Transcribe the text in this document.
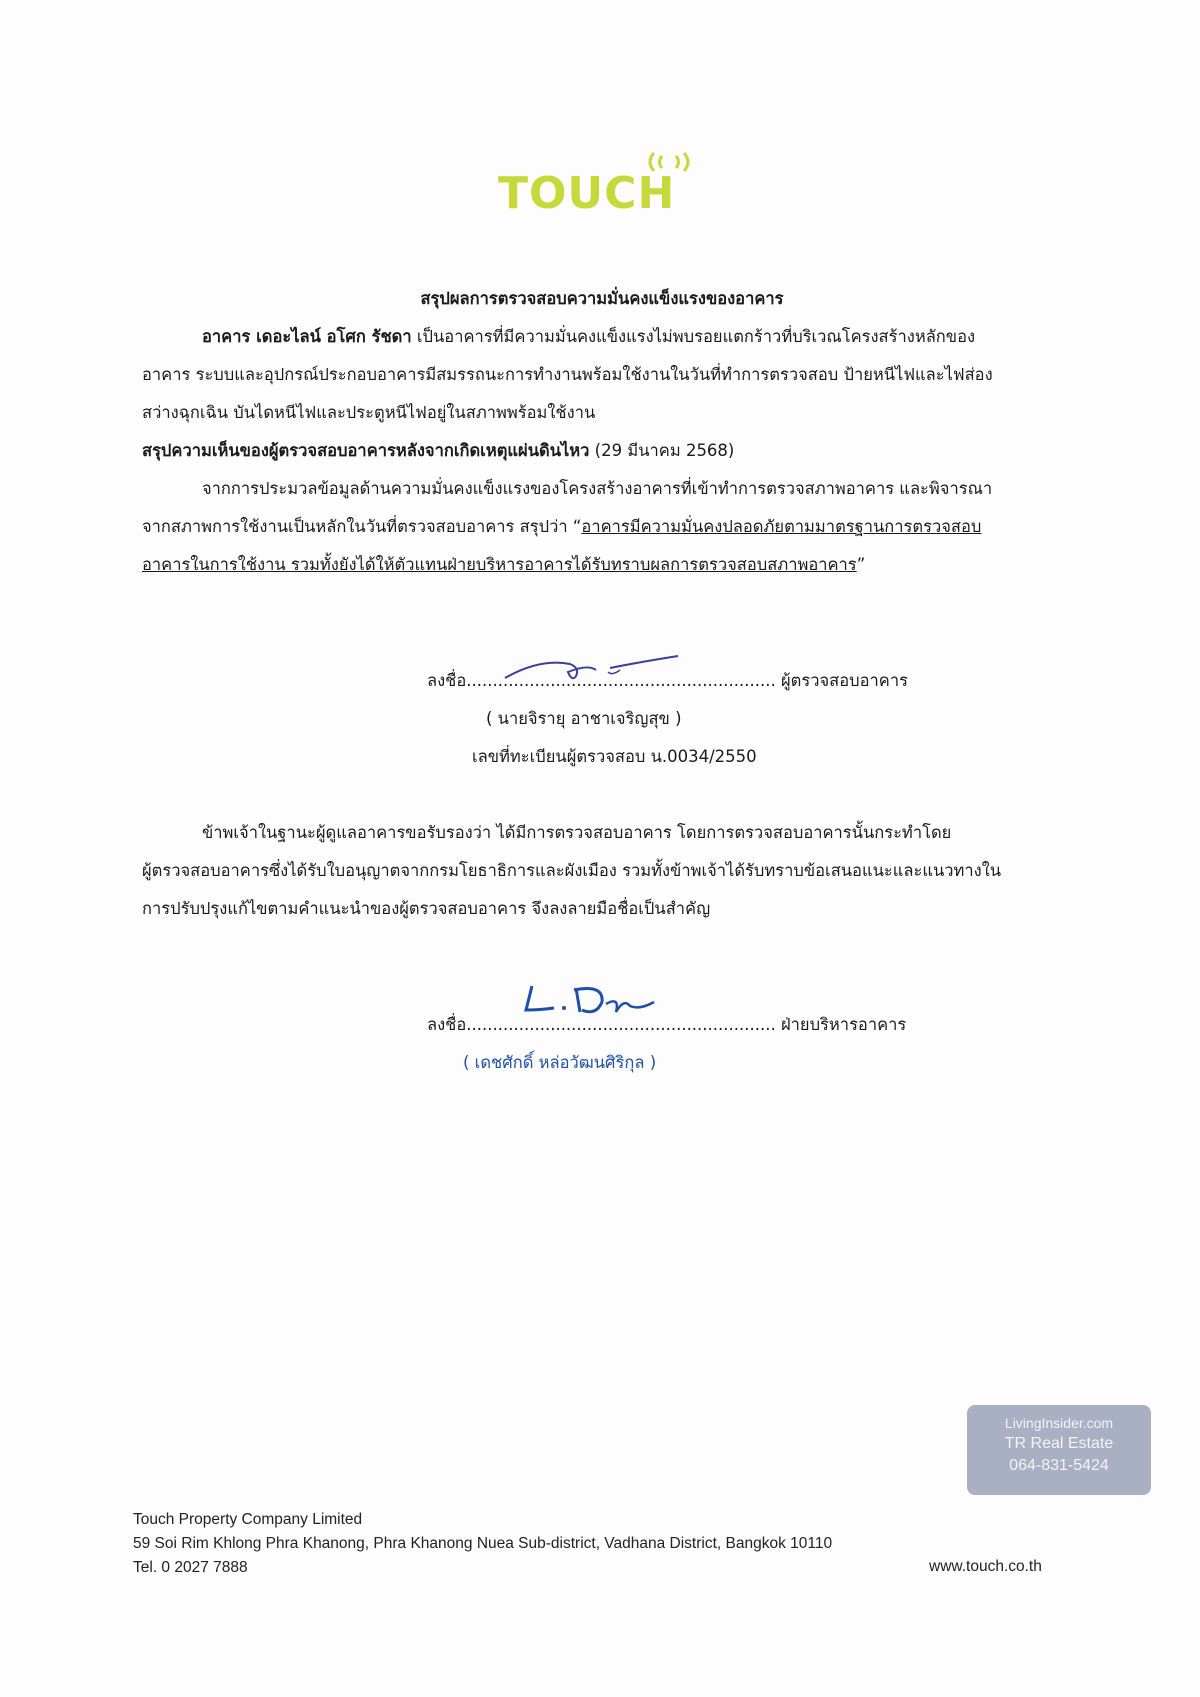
TOUCH
สรุปผลการตรวจสอบความมั่นคงแข็งแรงของอาคาร
อาคาร เดอะไลน์ อโศก รัชดา เป็นอาคารที่มีความมั่นคงแข็งแรงไม่พบรอยแตกร้าวที่บริเวณโครงสร้างหลักของ
อาคาร ระบบและอุปกรณ์ประกอบอาคารมีสมรรถนะการทำงานพร้อมใช้งานในวันที่ทำการตรวจสอบ ป้ายหนีไฟและไฟส่อง
สว่างฉุกเฉิน บันไดหนีไฟและประตูหนีไฟอยู่ในสภาพพร้อมใช้งาน
สรุปความเห็นของผู้ตรวจสอบอาคารหลังจากเกิดเหตุแผ่นดินไหว (29 มีนาคม 2568)
จากการประมวลข้อมูลด้านความมั่นคงแข็งแรงของโครงสร้างอาคารที่เข้าทำการตรวจสภาพอาคาร และพิจารณา
จากสภาพการใช้งานเป็นหลักในวันที่ตรวจสอบอาคาร สรุปว่า “อาคารมีความมั่นคงปลอดภัยตามมาตรฐานการตรวจสอบ
อาคารในการใช้งาน รวมทั้งยังได้ให้ตัวแทนฝ่ายบริหารอาคารได้รับทราบผลการตรวจสอบสภาพอาคาร”
ลงชื่อ........................................................... ผู้ตรวจสอบอาคาร
( นายจิรายุ อาชาเจริญสุข )
เลขที่ทะเบียนผู้ตรวจสอบ น.0034/2550
ข้าพเจ้าในฐานะผู้ดูแลอาคารขอรับรองว่า ได้มีการตรวจสอบอาคาร โดยการตรวจสอบอาคารนั้นกระทำโดย
ผู้ตรวจสอบอาคารซึ่งได้รับใบอนุญาตจากกรมโยธาธิการและผังเมือง รวมทั้งข้าพเจ้าได้รับทราบข้อเสนอแนะและแนวทางใน
การปรับปรุงแก้ไขตามคำแนะนำของผู้ตรวจสอบอาคาร จึงลงลายมือชื่อเป็นสำคัญ
ลงชื่อ........................................................... ฝ่ายบริหารอาคาร
( เดชศักดิ์ หล่อวัฒนศิริกุล )
LivingInsider.com
TR Real Estate
064-831-5424
Touch Property Company Limited
59 Soi Rim Khlong Phra Khanong, Phra Khanong Nuea Sub-district, Vadhana District, Bangkok 10110
Tel. 0 2027 7888	www.touch.co.th
